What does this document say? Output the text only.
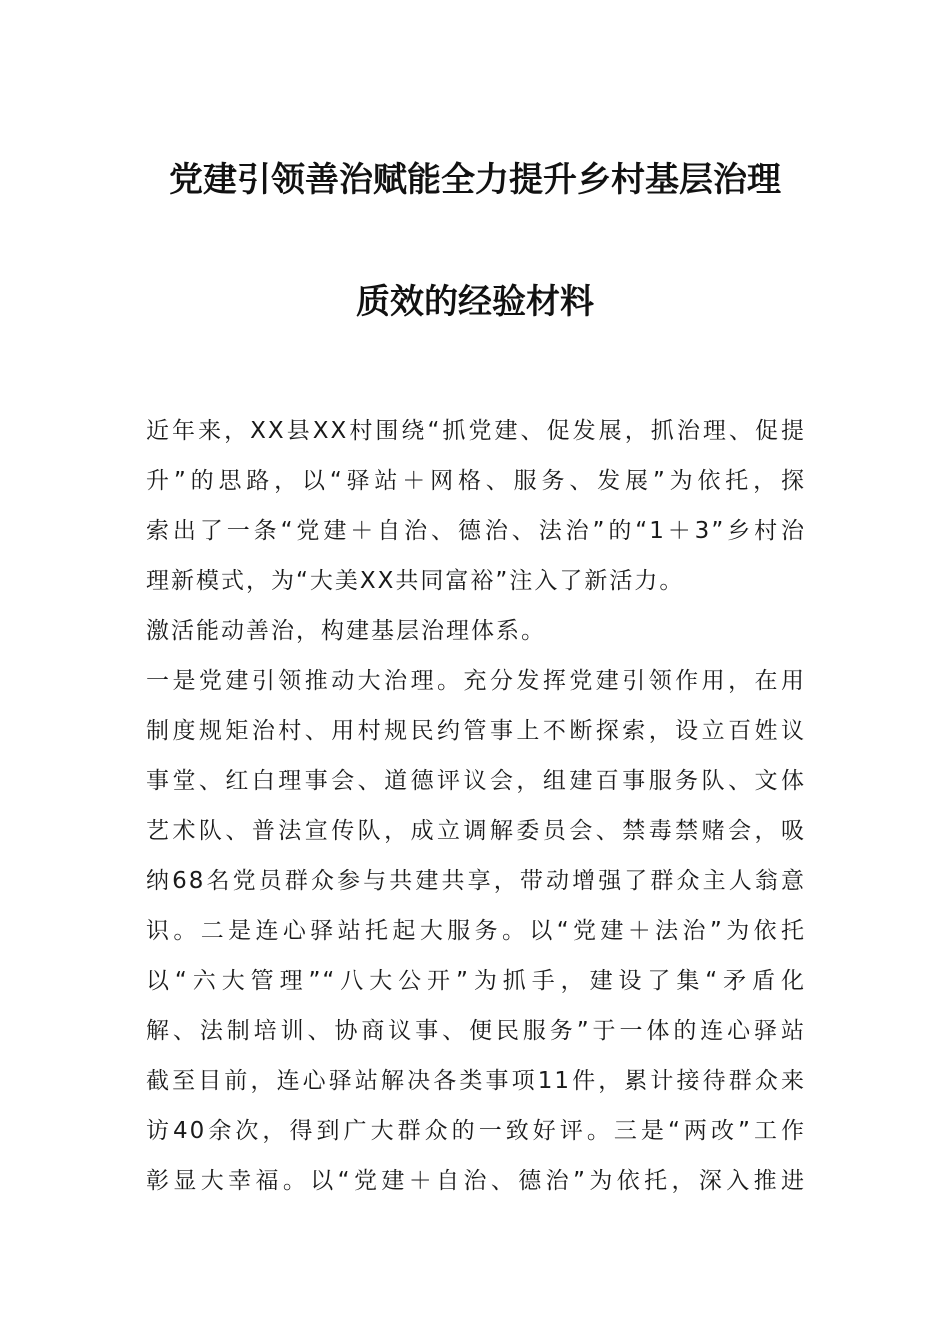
党建引领善治赋能全力提升乡村基层治理
质效的经验材料
近年来，XX县XX村围绕“抓党建、促发展，抓治理、促提
升”的思路，以“驿站＋网格、服务、发展”为依托，探
索出了一条“党建＋自治、德治、法治”的“1＋3”乡村治
理新模式，为“大美XX共同富裕”注入了新活力。
激活能动善治，构建基层治理体系。
一是党建引领推动大治理。充分发挥党建引领作用，在用
制度规矩治村、用村规民约管事上不断探索，设立百姓议
事堂、红白理事会、道德评议会，组建百事服务队、文体
艺术队、普法宣传队，成立调解委员会、禁毒禁赌会，吸
纳68名党员群众参与共建共享，带动增强了群众主人翁意
识。二是连心驿站托起大服务。以“党建＋法治”为依托
以“六大管理”“八大公开”为抓手，建设了集“矛盾化
解、法制培训、协商议事、便民服务”于一体的连心驿站
截至目前，连心驿站解决各类事项11件，累计接待群众来
访40余次，得到广大群众的一致好评。三是“两改”工作
彰显大幸福。以“党建＋自治、德治”为依托，深入推进
